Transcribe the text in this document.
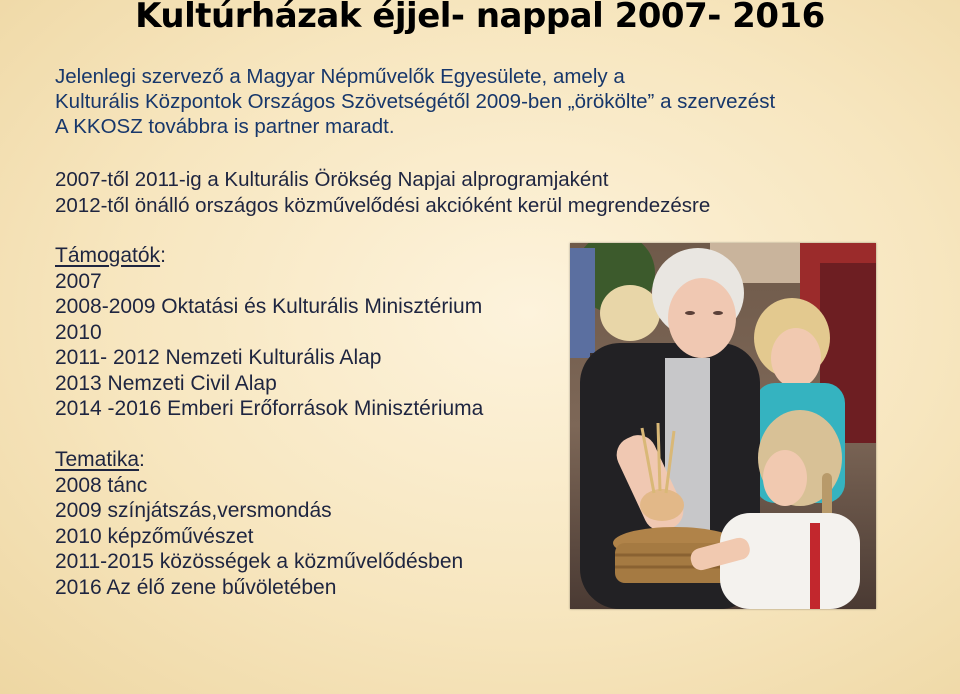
Kultúrházak éjjel- nappal 2007- 2016

Jelenlegi szervező a Magyar Népművelők Egyesülete, amely a
Kulturális Központok Országos Szövetségétől 2009-ben „örökölte” a szervezést
A KKOSZ továbbra is partner maradt.

2007-től 2011-ig a Kulturális Örökség Napjai alprogramjaként
2012-től önálló országos közművelődési akcióként kerül megrendezésre

Támogatók:
2007
2008-2009 Oktatási és Kulturális Minisztérium
2010
2011- 2012 Nemzeti Kulturális Alap
2013 Nemzeti Civil Alap
2014 -2016 Emberi Erőforrások Minisztériuma
Tematika:
2008 tánc
2009 színjátszás,versmondás
2010 képzőművészet
2011-2015 közösségek a közművelődésben
2016 Az élő zene bűvöletében
